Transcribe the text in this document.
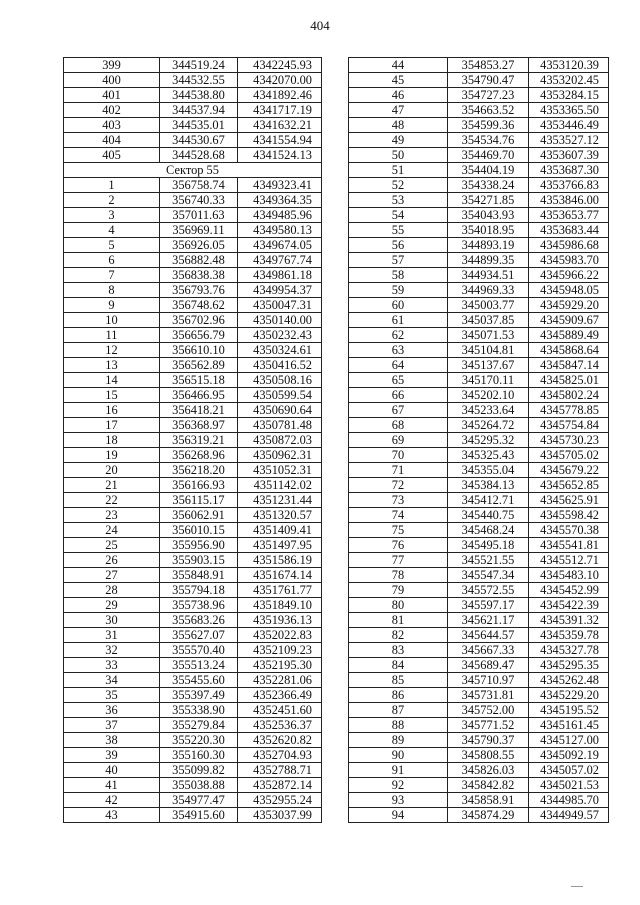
404
399	344519.24	4342245.93
400	344532.55	4342070.00
401	344538.80	4341892.46
402	344537.94	4341717.19
403	344535.01	4341632.21
404	344530.67	4341554.94
405	344528.68	4341524.13
Сектор 55		
1	356758.74	4349323.41
2	356740.33	4349364.35
3	357011.63	4349485.96
4	356969.11	4349580.13
5	356926.05	4349674.05
6	356882.48	4349767.74
7	356838.38	4349861.18
8	356793.76	4349954.37
9	356748.62	4350047.31
10	356702.96	4350140.00
11	356656.79	4350232.43
12	356610.10	4350324.61
13	356562.89	4350416.52
14	356515.18	4350508.16
15	356466.95	4350599.54
16	356418.21	4350690.64
17	356368.97	4350781.48
18	356319.21	4350872.03
19	356268.96	4350962.31
20	356218.20	4351052.31
21	356166.93	4351142.02
22	356115.17	4351231.44
23	356062.91	4351320.57
24	356010.15	4351409.41
25	355956.90	4351497.95
26	355903.15	4351586.19
27	355848.91	4351674.14
28	355794.18	4351761.77
29	355738.96	4351849.10
30	355683.26	4351936.13
31	355627.07	4352022.83
32	355570.40	4352109.23
33	355513.24	4352195.30
34	355455.60	4352281.06
35	355397.49	4352366.49
36	355338.90	4352451.60
37	355279.84	4352536.37
38	355220.30	4352620.82
39	355160.30	4352704.93
40	355099.82	4352788.71
41	355038.88	4352872.14
42	354977.47	4352955.24
43	354915.60	4353037.99
44	354853.27	4353120.39
45	354790.47	4353202.45
46	354727.23	4353284.15
47	354663.52	4353365.50
48	354599.36	4353446.49
49	354534.76	4353527.12
50	354469.70	4353607.39
51	354404.19	4353687.30
52	354338.24	4353766.83
53	354271.85	4353846.00
54	354043.93	4353653.77
55	354018.95	4353683.44
56	344893.19	4345986.68
57	344899.35	4345983.70
58	344934.51	4345966.22
59	344969.33	4345948.05
60	345003.77	4345929.20
61	345037.85	4345909.67
62	345071.53	4345889.49
63	345104.81	4345868.64
64	345137.67	4345847.14
65	345170.11	4345825.01
66	345202.10	4345802.24
67	345233.64	4345778.85
68	345264.72	4345754.84
69	345295.32	4345730.23
70	345325.43	4345705.02
71	345355.04	4345679.22
72	345384.13	4345652.85
73	345412.71	4345625.91
74	345440.75	4345598.42
75	345468.24	4345570.38
76	345495.18	4345541.81
77	345521.55	4345512.71
78	345547.34	4345483.10
79	345572.55	4345452.99
80	345597.17	4345422.39
81	345621.17	4345391.32
82	345644.57	4345359.78
83	345667.33	4345327.78
84	345689.47	4345295.35
85	345710.97	4345262.48
86	345731.81	4345229.20
87	345752.00	4345195.52
88	345771.52	4345161.45
89	345790.37	4345127.00
90	345808.55	4345092.19
91	345826.03	4345057.02
92	345842.82	4345021.53
93	345858.91	4344985.70
94	345874.29	4344949.57
